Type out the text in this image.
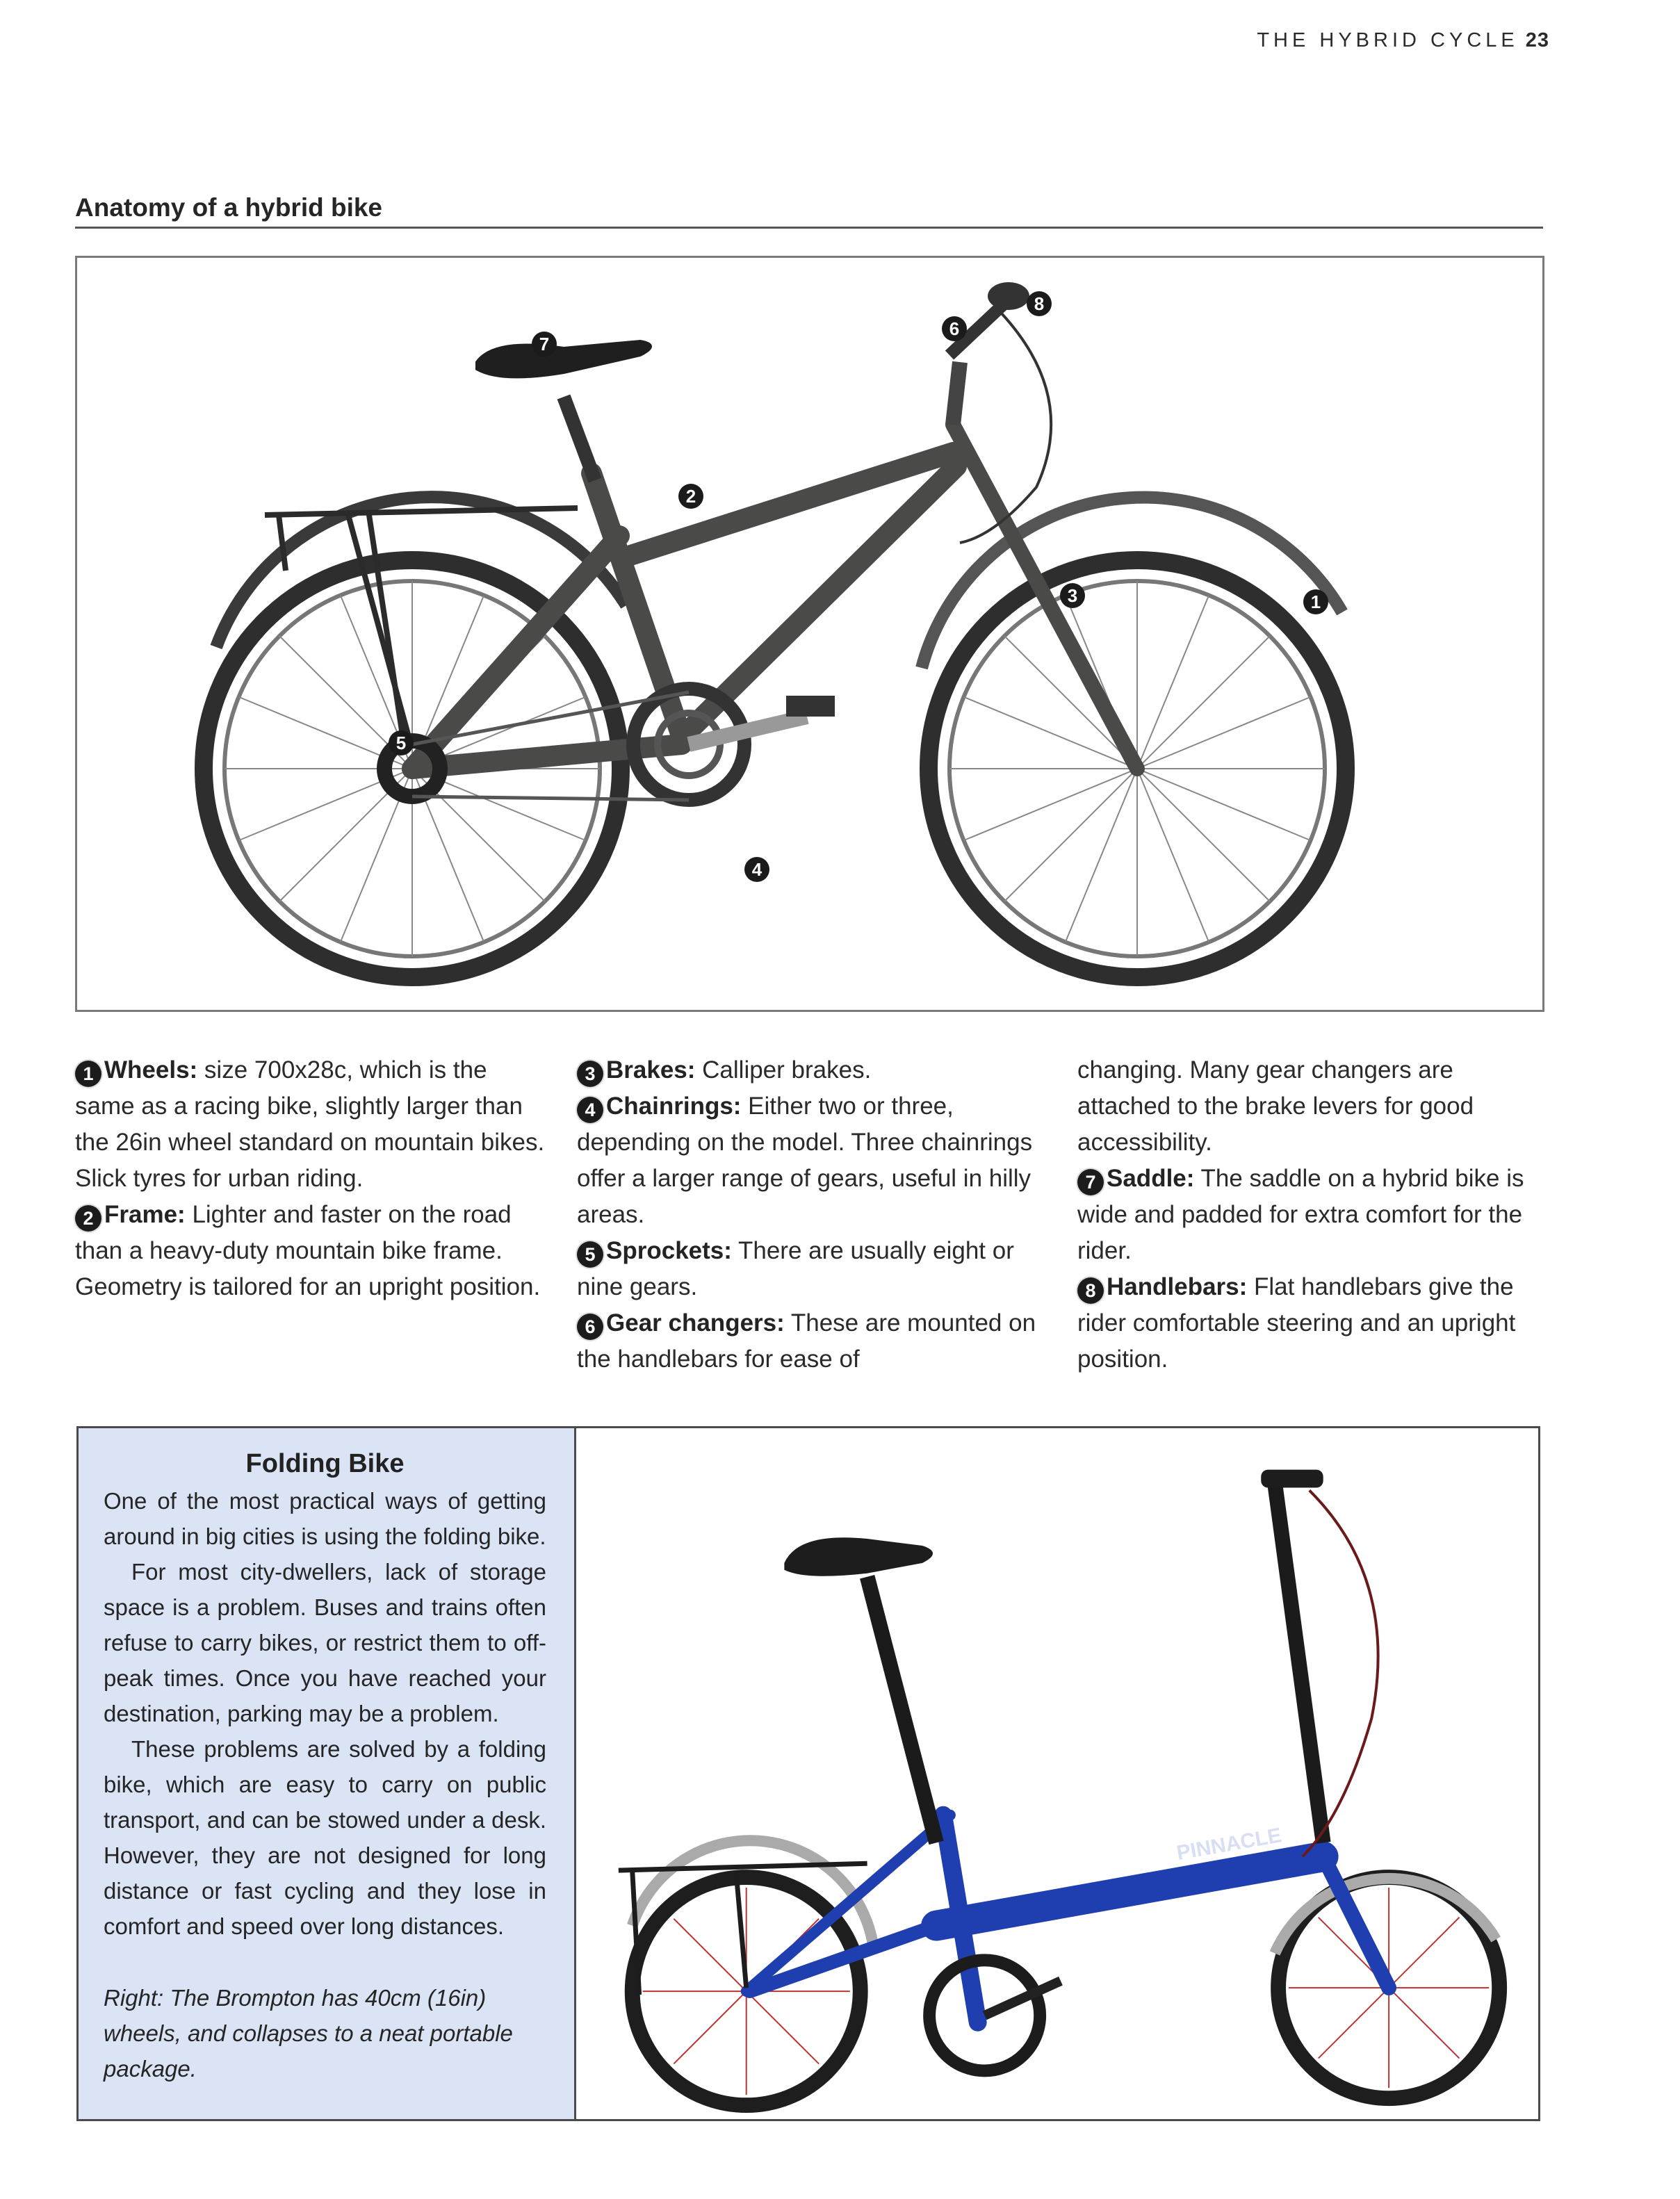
THE HYBRID CYCLE 23
Anatomy of a hybrid bike
1
2
3
4
5
6
7
8

1 Wheels: size 700x28c, which is the same as a racing bike, slightly larger than the 26in wheel standard on mountain bikes. Slick tyres for urban riding.

2 Frame: Lighter and faster on the road than a heavy-duty mountain bike frame. Geometry is tailored for an upright position.

3 Brakes: Calliper brakes.

4 Chainrings: Either two or three, depending on the model. Three chainrings offer a larger range of gears, useful in hilly areas.

5 Sprockets: There are usually eight or nine gears.

6 Gear changers: These are mounted on the handlebars for ease of

changing. Many gear changers are attached to the brake levers for good accessibility.

7 Saddle: The saddle on a hybrid bike is wide and padded for extra comfort for the rider.

8 Handlebars: Flat handlebars give the rider comfortable steering and an upright position.

Folding Bike

One of the most practical ways of getting around in big cities is using the folding bike.

For most city-dwellers, lack of storage space is a problem. Buses and trains often refuse to carry bikes, or restrict them to off-peak times. Once you have reached your destination, parking may be a problem.

These problems are solved by a folding bike, which are easy to carry on public transport, and can be stowed under a desk. However, they are not designed for long distance or fast cycling and they lose in comfort and speed over long distances.

Right: The Brompton has 40cm (16in) wheels, and collapses to a neat portable package.

PINNACLE
